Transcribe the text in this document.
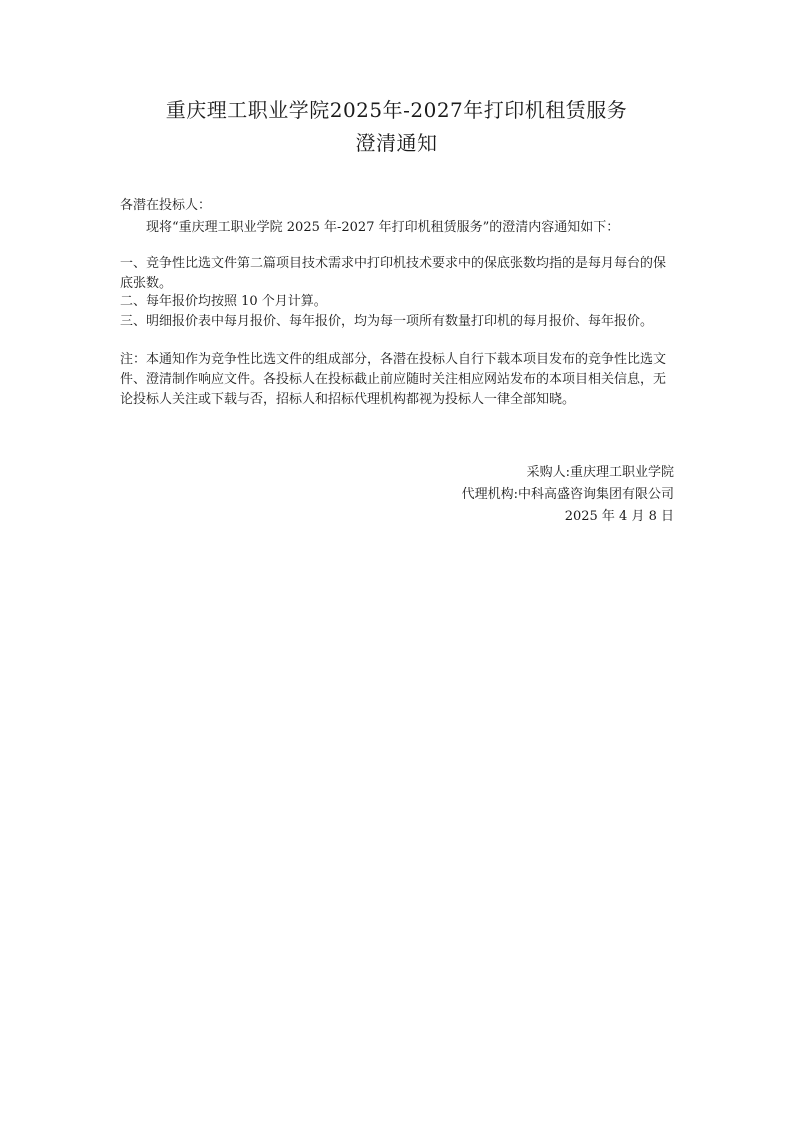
重庆理工职业学院2025年-2027年打印机租赁服务
澄清通知
各潜在投标人：
现将“重庆理工职业学院 2025 年-2027 年打印机租赁服务”的澄清内容通知如下：
一、竞争性比选文件第二篇项目技术需求中打印机技术要求中的保底张数均指的是每月每台的保底张数。
二、每年报价均按照 10 个月计算。
三、明细报价表中每月报价、每年报价，均为每一项所有数量打印机的每月报价、每年报价。
注：本通知作为竞争性比选文件的组成部分，各潜在投标人自行下载本项目发布的竞争性比选文件、澄清制作响应文件。各投标人在投标截止前应随时关注相应网站发布的本项目相关信息，无论投标人关注或下载与否，招标人和招标代理机构都视为投标人一律全部知晓。
采购人:重庆理工职业学院
代理机构:中科高盛咨询集团有限公司
2025 年 4 月 8 日
